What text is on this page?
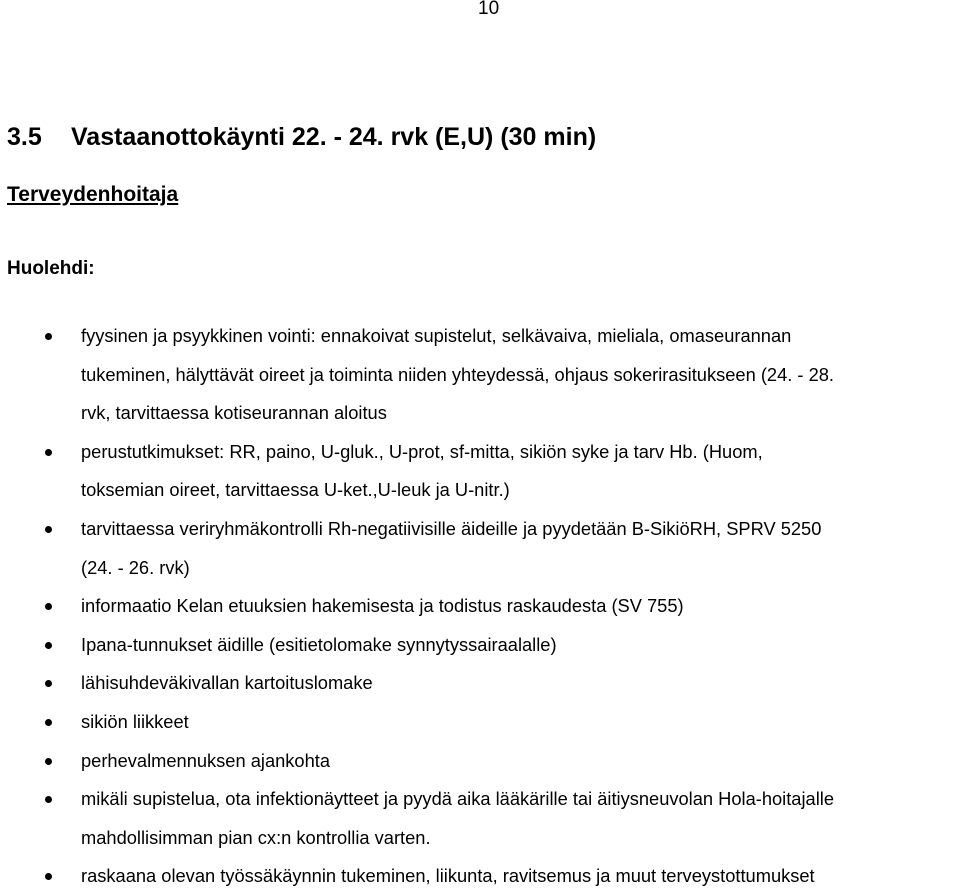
10
3.5 Vastaanottokäynti 22. - 24. rvk (E,U) (30 min)
Terveydenhoitaja
Huolehdi:
fyysinen ja psyykkinen vointi: ennakoivat supistelut, selkävaiva, mieliala, omaseurannan
tukeminen, hälyttävät oireet ja toiminta niiden yhteydessä, ohjaus sokerirasitukseen (24. - 28.
rvk, tarvittaessa kotiseurannan aloitus
perustutkimukset: RR, paino, U-gluk., U-prot, sf-mitta, sikiön syke ja tarv Hb. (Huom,
toksemian oireet, tarvittaessa U-ket.,U-leuk ja U-nitr.)
tarvittaessa veriryhmäkontrolli Rh-negatiivisille äideille ja pyydetään B-SikiöRH, SPRV 5250
(24. - 26. rvk)
informaatio Kelan etuuksien hakemisesta ja todistus raskaudesta (SV 755)
Ipana-tunnukset äidille (esitietolomake synnytyssairaalalle)
lähisuhdeväkivallan kartoituslomake
sikiön liikkeet
perhevalmennuksen ajankohta
mikäli supistelua, ota infektionäytteet ja pyydä aika lääkärille tai äitiysneuvolan Hola-hoitajalle
mahdollisimman pian cx:n kontrollia varten.
raskaana olevan työssäkäynnin tukeminen, liikunta, ravitsemus ja muut terveystottumukset
